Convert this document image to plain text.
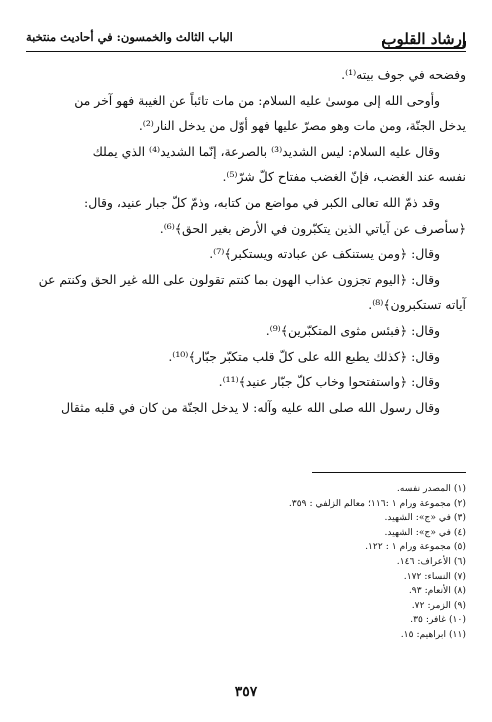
إرشاد القلوب
الباب الثالث والخمسون: في أحاديث منتخبة

وفضحه في جوف بيته⁽¹⁾.

وأوحى الله إلى موسىٰ عليه السلام: من مات تائباً عن الغيبة فهو آخر من

يدخل الجنّة، ومن مات وهو مصرّ عليها فهو أوّل من يدخل النار⁽²⁾.

وقال عليه السلام: ليس الشديد⁽³⁾ بالصرعة، إنّما الشديد⁽⁴⁾ الذي يملك

نفسه عند الغضب، فإنّ الغضب مفتاح كلّ شرّ⁽⁵⁾.

وقد ذمّ الله تعالى الكبر في مواضع من كتابه، وذمّ كلّ جبار عنيد، وقال:

﴿سأصرف عن آياتي الذين يتكبّرون في الأرض بغير الحق﴾⁽⁶⁾.

وقال: ﴿ومن يستنكف عن عبادته ويستكبر﴾⁽⁷⁾.

وقال: ﴿اليوم تجزون عذاب الهون بما كنتم تقولون على الله غير الحق وكنتم عن

آياته تستكبرون﴾⁽⁸⁾.

وقال: ﴿فبئس مثوى المتكبّرين﴾⁽⁹⁾.

وقال: ﴿كذلك يطبع الله على كلّ قلب متكبّر جبّار﴾⁽¹⁰⁾.

وقال: ﴿واستفتحوا وخاب كلّ جبّار عنيد﴾⁽¹¹⁾.

وقال رسول الله صلى الله عليه وآله: لا يدخل الجنّة من كان في قلبه مثقال

(١) المصدر نفسه.
(٢) مجموعة ورام ١ :١١٦؛ معالم الزلفي : ٣٥٩.
(٣) في «ج»: الشهيد.
(٤) في «ج»: الشهيد.
(٥) مجموعة ورام ١ : ١٢٢.
(٦) الأعراف: ١٤٦.
(٧) النساء: ١٧٢.
(٨) الأنعام: ٩٣.
(٩) الزمر: ٧٢.
(١٠) غافر: ٣٥.
(١١) ابراهيم: ١٥.
٣٥٧
